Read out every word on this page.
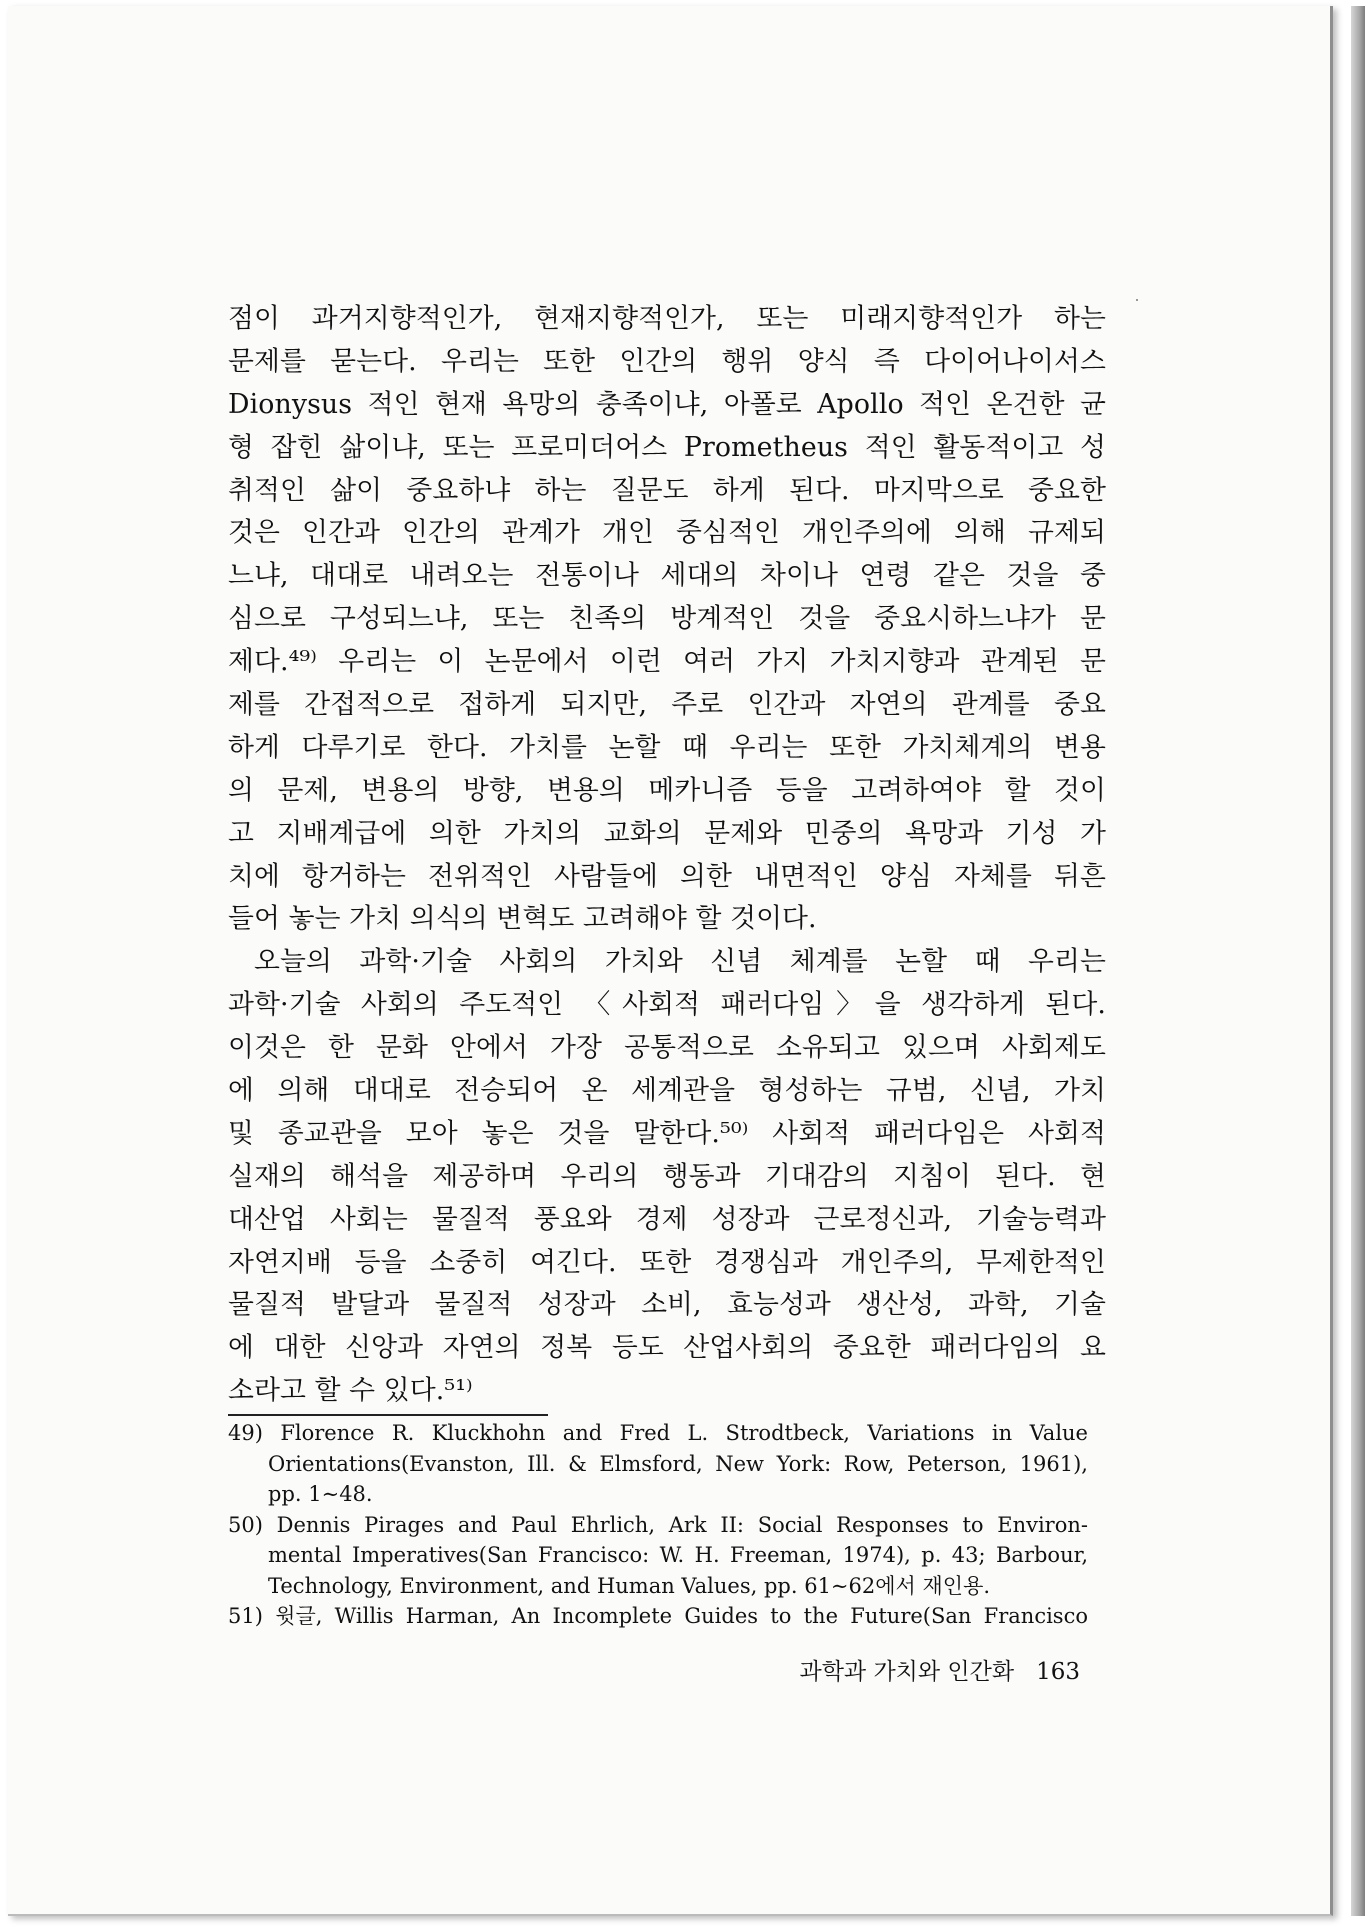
점이 과거지향적인가, 현재지향적인가, 또는 미래지향적인가 하는
문제를 묻는다. 우리는 또한 인간의 행위 양식 즉 다이어나이서스
Dionysus 적인 현재 욕망의 충족이냐, 아폴로 Apollo 적인 온건한 균
형 잡힌 삶이냐, 또는 프로미더어스 Prometheus 적인 활동적이고 성
취적인 삶이 중요하냐 하는 질문도 하게 된다. 마지막으로 중요한
것은 인간과 인간의 관계가 개인 중심적인 개인주의에 의해 규제되
느냐, 대대로 내려오는 전통이나 세대의 차이나 연령 같은 것을 중
심으로 구성되느냐, 또는 친족의 방계적인 것을 중요시하느냐가 문
제다.⁴⁹⁾ 우리는 이 논문에서 이런 여러 가지 가치지향과 관계된 문
제를 간접적으로 접하게 되지만, 주로 인간과 자연의 관계를 중요
하게 다루기로 한다. 가치를 논할 때 우리는 또한 가치체계의 변용
의 문제, 변용의 방향, 변용의 메카니즘 등을 고려하여야 할 것이
고 지배계급에 의한 가치의 교화의 문제와 민중의 욕망과 기성 가
치에 항거하는 전위적인 사람들에 의한 내면적인 양심 자체를 뒤흔
들어 놓는 가치 의식의 변혁도 고려해야 할 것이다.
오늘의 과학·기술 사회의 가치와 신념 체계를 논할 때 우리는
과학·기술 사회의 주도적인 〈사회적 패러다임〉을 생각하게 된다.
이것은 한 문화 안에서 가장 공통적으로 소유되고 있으며 사회제도
에 의해 대대로 전승되어 온 세계관을 형성하는 규범, 신념, 가치
및 종교관을 모아 놓은 것을 말한다.⁵⁰⁾ 사회적 패러다임은 사회적
실재의 해석을 제공하며 우리의 행동과 기대감의 지침이 된다. 현
대산업 사회는 물질적 풍요와 경제 성장과 근로정신과, 기술능력과
자연지배 등을 소중히 여긴다. 또한 경쟁심과 개인주의, 무제한적인
물질적 발달과 물질적 성장과 소비, 효능성과 생산성, 과학, 기술
에 대한 신앙과 자연의 정복 등도 산업사회의 중요한 패러다임의 요
소라고 할 수 있다.⁵¹⁾
49) Florence R. Kluckhohn and Fred L. Strodtbeck, Variations in Value
Orientations(Evanston, Ill. & Elmsford, New York: Row, Peterson, 1961),
pp. 1∼48.
50) Dennis Pirages and Paul Ehrlich, Ark II: Social Responses to Environ-
mental Imperatives(San Francisco: W. H. Freeman, 1974), p. 43; Barbour,
Technology, Environment, and Human Values, pp. 61∼62에서 재인용.
51) 윗글, Willis Harman, An Incomplete Guides to the Future(San Francisco
과학과 가치와 인간화 163
